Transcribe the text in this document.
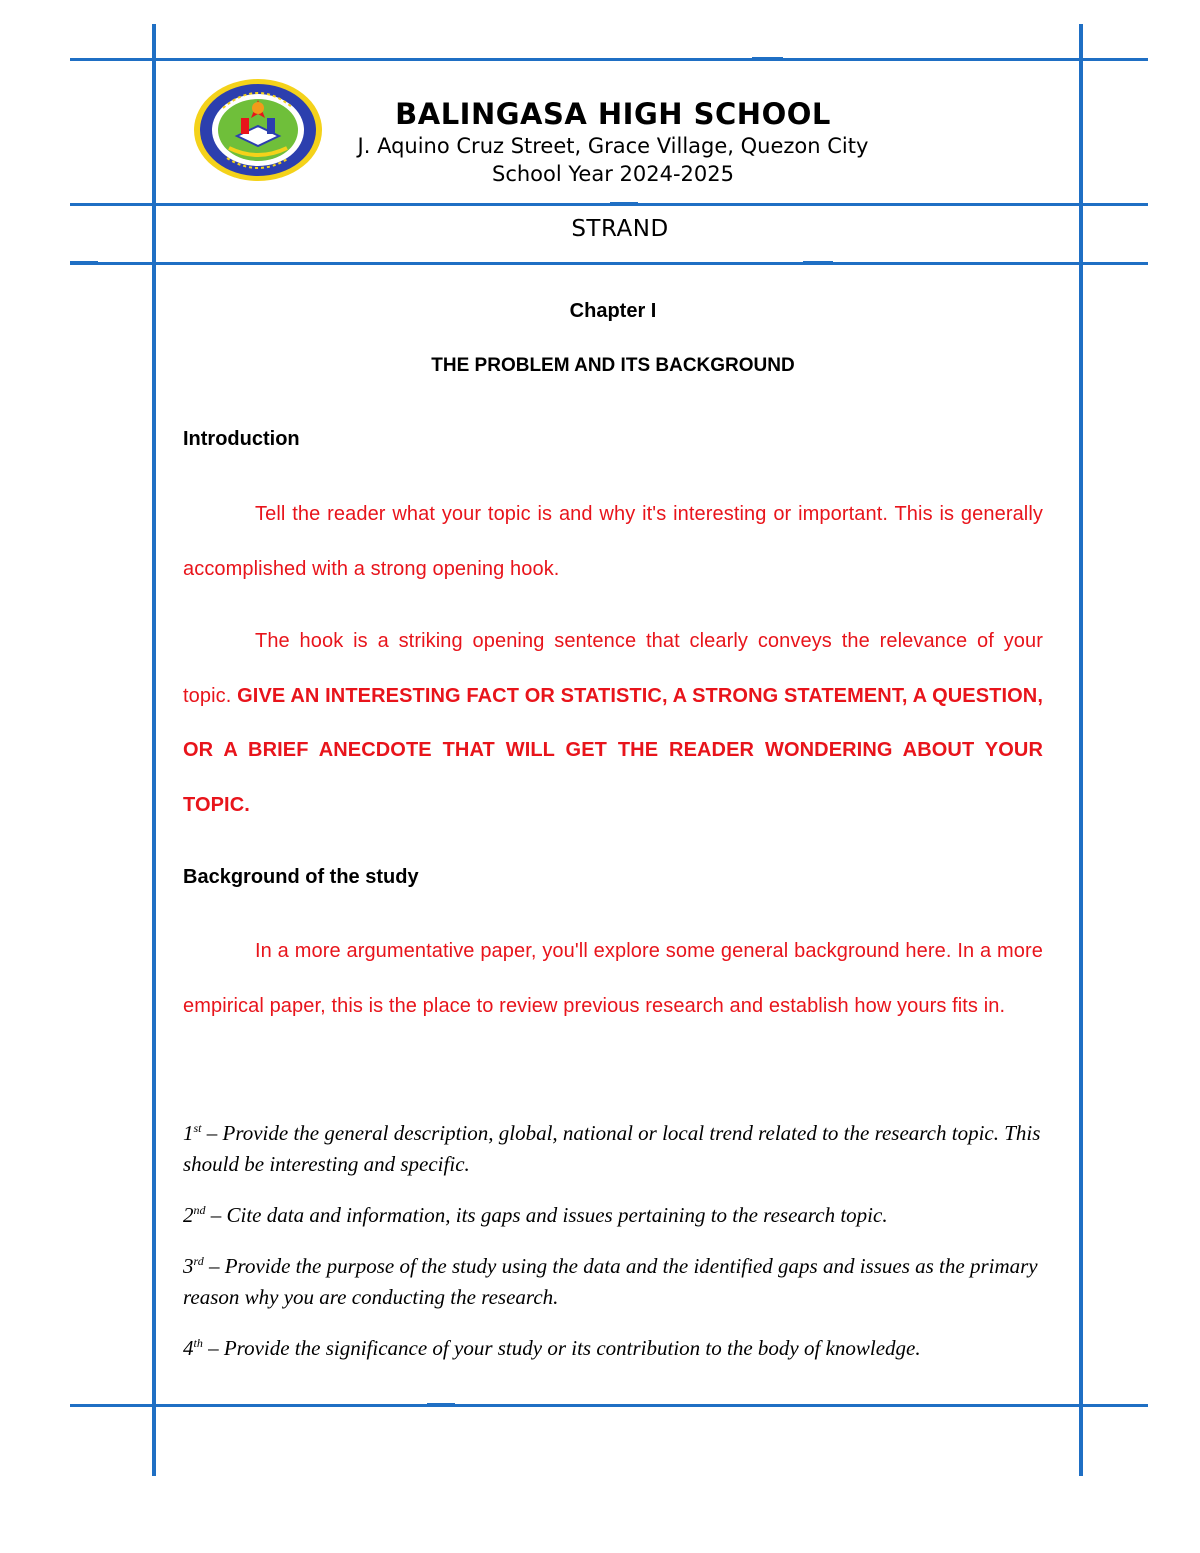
BALINGASA HIGH SCHOOL
J. Aquino Cruz Street, Grace Village, Quezon City
School Year 2024-2025
STRAND
Chapter I
THE PROBLEM AND ITS BACKGROUND
Introduction

Tell the reader what your topic is and why it's interesting or important. This is generally accomplished with a strong opening hook.

The hook is a striking opening sentence that clearly conveys the relevance of your topic. GIVE AN INTERESTING FACT OR STATISTIC, A STRONG STATEMENT, A QUESTION, OR A BRIEF ANECDOTE THAT WILL GET THE READER WONDERING ABOUT YOUR TOPIC.

Background of the study

In a more argumentative paper, you'll explore some general background here. In a more empirical paper, this is the place to review previous research and establish how yours fits in.

1st – Provide the general description, global, national or local trend related to the research topic. This should be interesting and specific.

2nd – Cite data and information, its gaps and issues pertaining to the research topic.

3rd – Provide the purpose of the study using the data and the identified gaps and issues as the primary reason why you are conducting the research.

4th – Provide the significance of your study or its contribution to the body of knowledge.
